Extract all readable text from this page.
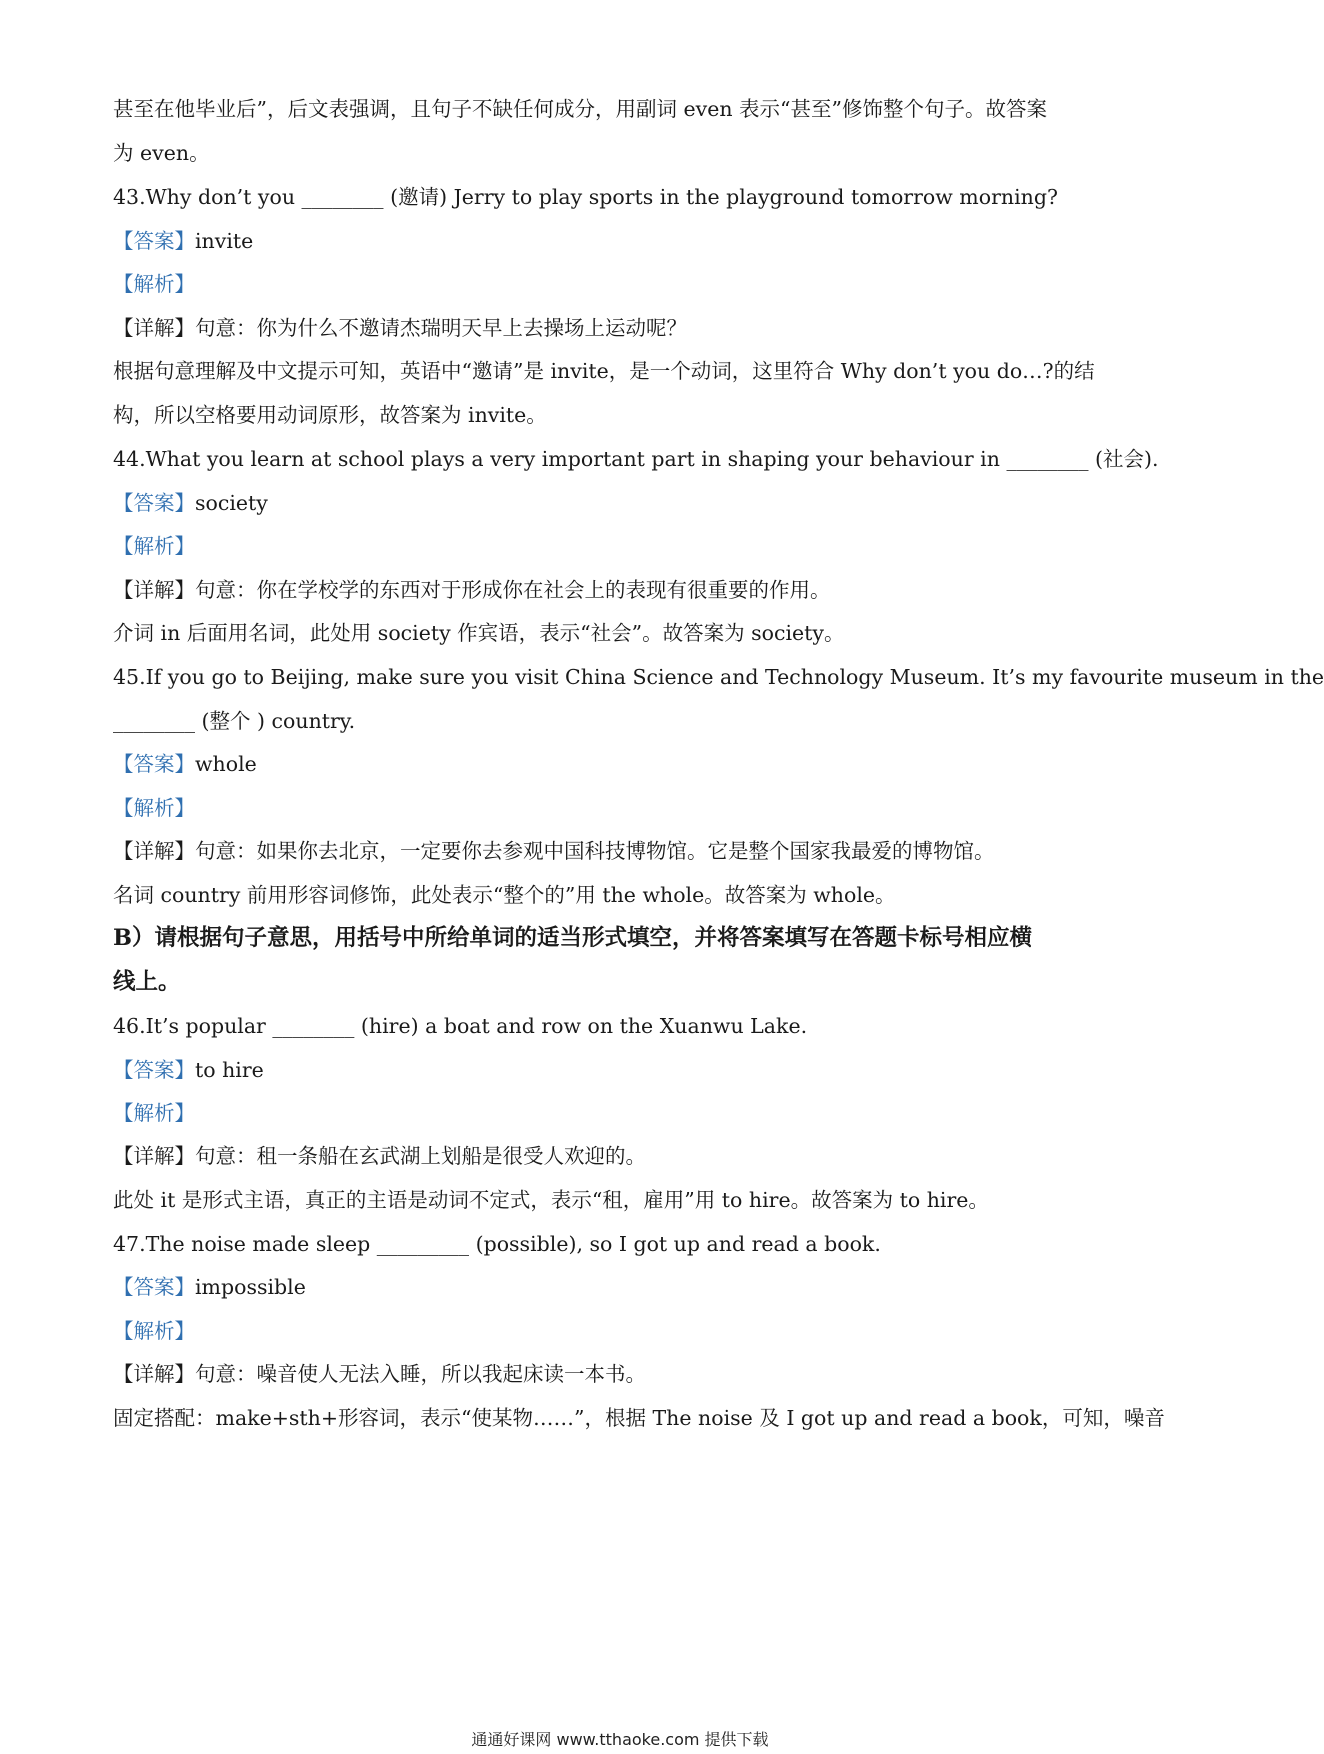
甚至在他毕业后”，后文表强调，且句子不缺任何成分，用副词 even 表示“甚至”修饰整个句子。故答案
为 even。
43.Why don’t you ________ (邀请) Jerry to play sports in the playground tomorrow morning?
【答案】invite
【解析】
【详解】句意：你为什么不邀请杰瑞明天早上去操场上运动呢？
根据句意理解及中文提示可知，英语中“邀请”是 invite，是一个动词，这里符合 Why don’t you do…?的结
构，所以空格要用动词原形，故答案为 invite。
44.What you learn at school plays a very important part in shaping your behaviour in ________ (社会).
【答案】society
【解析】
【详解】句意：你在学校学的东西对于形成你在社会上的表现有很重要的作用。
介词 in 后面用名词，此处用 society 作宾语，表示“社会”。故答案为 society。
45.If you go to Beijing, make sure you visit China Science and Technology Museum. It’s my favourite museum in the
________ (整个 ) country.
【答案】whole
【解析】
【详解】句意：如果你去北京，一定要你去参观中国科技博物馆。它是整个国家我最爱的博物馆。
名词 country 前用形容词修饰，此处表示“整个的”用 the whole。故答案为 whole。
B）请根据句子意思，用括号中所给单词的适当形式填空，并将答案填写在答题卡标号相应横
线上。
46.It’s popular ________ (hire) a boat and row on the Xuanwu Lake.
【答案】to hire
【解析】
【详解】句意：租一条船在玄武湖上划船是很受人欢迎的。
此处 it 是形式主语，真正的主语是动词不定式，表示“租，雇用”用 to hire。故答案为 to hire。
47.The noise made sleep _________ (possible), so I got up and read a book.
【答案】impossible
【解析】
【详解】句意：噪音使人无法入睡，所以我起床读一本书。
固定搭配：make+sth+形容词，表示“使某物……”，根据 The noise 及 I got up and read a book，可知，噪音
通通好课网 www.tthaoke.com 提供下载
